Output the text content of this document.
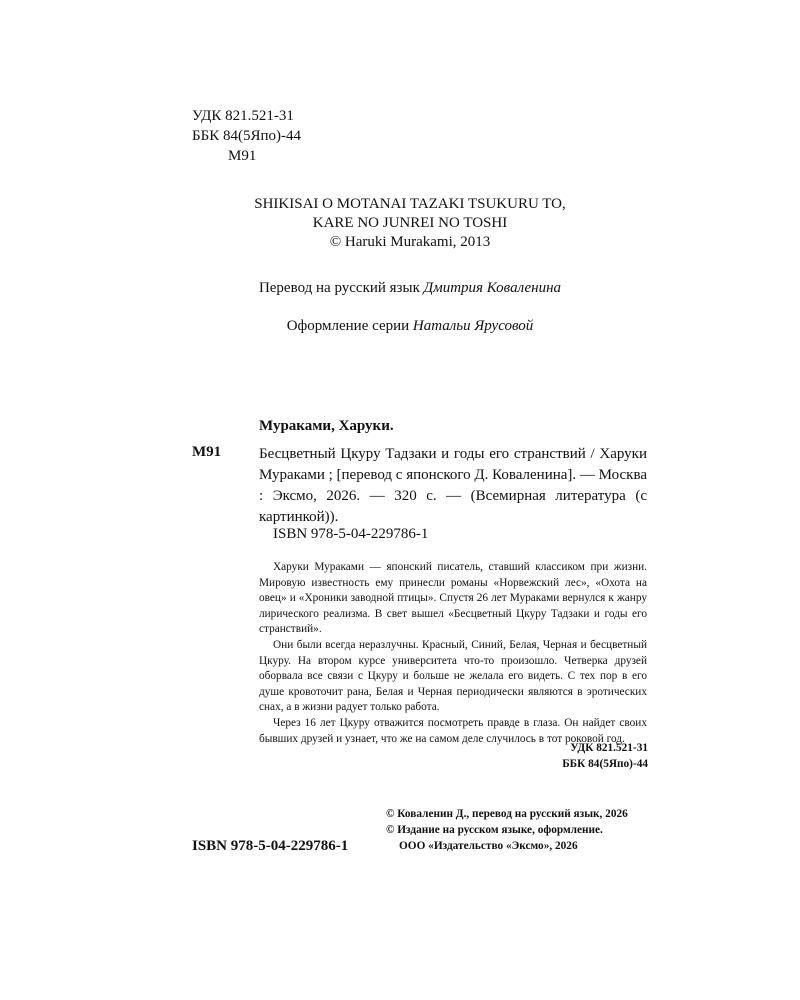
УДК 821.521-31
ББК 84(5Япо)-44
М91
SHIKISAI O MOTANAI TAZAKI TSUKURU TO,
KARE NO JUNREI NO TOSHI
© Haruki Murakami, 2013
Перевод на русский язык Дмитрия Коваленина
Оформление серии Натальи Ярусовой
Мураками, Харуки.
М91	Бесцветный Цкуру Тадзаки и годы его странствий / Харуки Мураками ; [перевод с японского Д. Коваленина]. — Москва : Эксмо, 2026. — 320 с. — (Всемирная литература (с картинкой)).
ISBN 978-5-04-229786-1

Харуки Мураками — японский писатель, ставший классиком при жизни. Мировую известность ему принесли романы «Норвежский лес», «Охота на овец» и «Хроники заводной птицы». Спустя 26 лет Мураками вернулся к жанру лирического реализма. В свет вышел «Бесцветный Цкуру Тадзаки и годы его странствий».

Они были всегда неразлучны. Красный, Синий, Белая, Черная и бесцветный Цкуру. На втором курсе университета что-то произошло. Четверка друзей оборвала все связи с Цкуру и больше не желала его видеть. С тех пор в его душе кровоточит рана, Белая и Черная периодически являются в эротических снах, а в жизни радует только работа.

Через 16 лет Цкуру отважится посмотреть правде в глаза. Он найдет своих бывших друзей и узнает, что же на самом деле случилось в тот роковой год.

УДК 821.521-31
ББК 84(5Япо)-44
© Коваленин Д., перевод на русский язык, 2026
© Издание на русском языке, оформление.
ООО «Издательство «Эксмо», 2026
ISBN 978-5-04-229786-1
